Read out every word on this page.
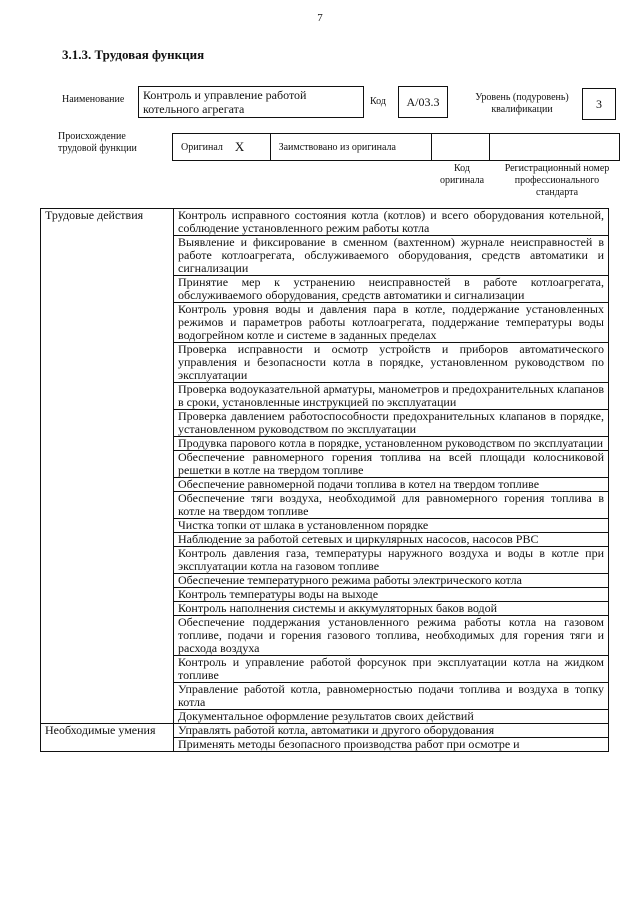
7
3.1.3. Трудовая функция
Наименование	Контроль и управление работой котельного агрегата
Код	А/03.3	Уровень (подуровень) квалификации	3
Происхождение трудовой функции	Оригинал X	Заимствовано из оригинала
Код оригинала
Регистрационный номер профессионального стандарта
Трудовые действия	Контроль исправного состояния котла (котлов) и всего оборудования котельной, соблюдение установленного режим работы котла
	Выявление и фиксирование в сменном (вахтенном) журнале неисправностей в работе котлоагрегата, обслуживаемого оборудования, средств автоматики и сигнализации
	Принятие мер к устранению неисправностей в работе котлоагрегата, обслуживаемого оборудования, средств автоматики и сигнализации
	Контроль уровня воды и давления пара в котле, поддержание установленных режимов и параметров работы котлоагрегата, поддержание температуры воды водогрейном котле и системе в заданных пределах
	Проверка исправности и осмотр устройств и приборов автоматического управления и безопасности котла в порядке, установленном руководством по эксплуатации
	Проверка водоуказательной арматуры, манометров и предохранительных клапанов в сроки, установленные инструкцией по эксплуатации
	Проверка давлением работоспособности предохранительных клапанов в порядке, установленном руководством по эксплуатации
	Продувка парового котла в порядке, установленном руководством по эксплуатации
	Обеспечение равномерного горения топлива на всей площади колосниковой решетки в котле на твердом топливе
	Обеспечение равномерной подачи топлива в котел на твердом топливе
	Обеспечение тяги воздуха, необходимой для равномерного горения топлива в котле на твердом топливе
	Чистка топки от шлака в установленном порядке
	Наблюдение за работой сетевых и циркулярных насосов, насосов РВС
	Контроль давления газа, температуры наружного воздуха и воды в котле при эксплуатации котла на газовом топливе
	Обеспечение температурного режима работы электрического котла
	Контроль температуры воды на выходе
	Контроль наполнения системы и аккумуляторных баков водой
	Обеспечение поддержания установленного режима работы котла на газовом топливе, подачи и горения газового топлива, необходимых для горения тяги и расхода воздуха
	Контроль и управление работой форсунок при эксплуатации котла на жидком топливе
	Управление работой котла, равномерностью подачи топлива и воздуха в топку котла
	Документальное оформление результатов своих действий
Необходимые умения	Управлять работой котла, автоматики и другого оборудования
	Применять методы безопасного производства работ при осмотре и
